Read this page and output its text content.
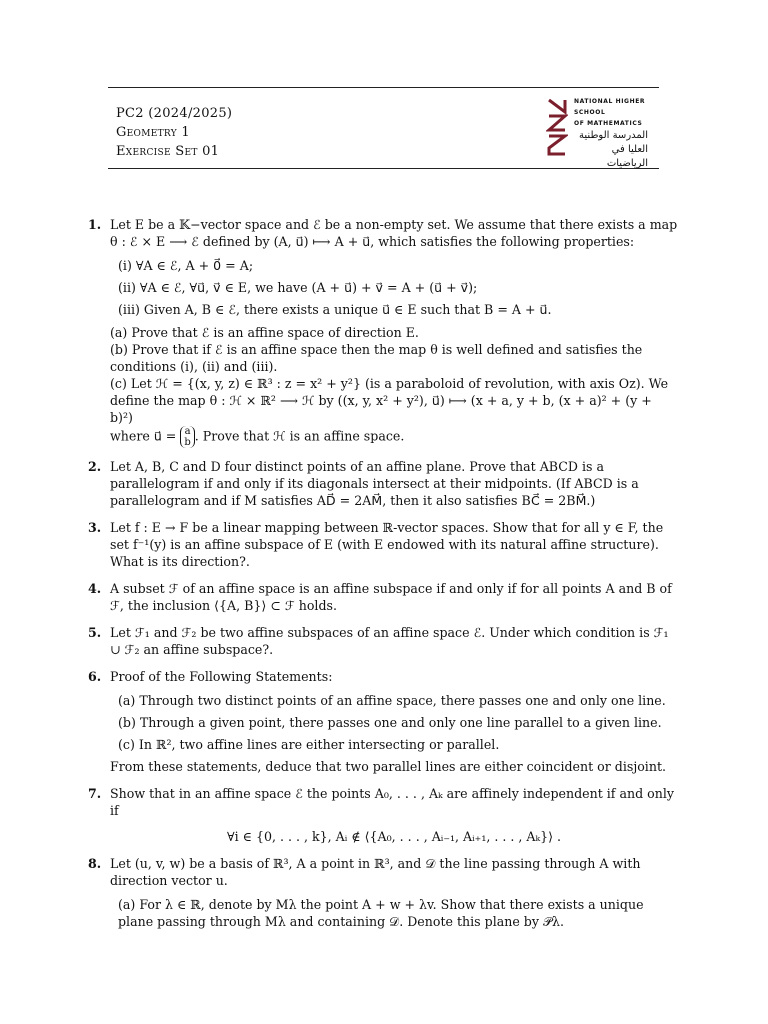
PC2 (2024/2025)
Geometry 1
Exercise Set 01
NATIONAL HIGHER SCHOOL
OF MATHEMATICS
المدرسة الوطنية
العليا في الرياضيات
1. Let E be a 𝕂−vector space and ℰ be a non-empty set. We assume that there exists a map θ : ℰ × E ⟶ ℰ defined by (A, u⃗) ⟼ A + u⃗, which satisfies the following properties:

(i) ∀A ∈ ℰ, A + 0⃗ = A;
(ii) ∀A ∈ ℰ, ∀u⃗, v⃗ ∈ E, we have (A + u⃗) + v⃗ = A + (u⃗ + v⃗);
(iii) Given A, B ∈ ℰ, there exists a unique u⃗ ∈ E such that B = A + u⃗.
(a) Prove that ℰ is an affine space of direction E.
(b) Prove that if ℰ is an affine space then the map θ is well defined and satisfies the conditions (i), (ii) and (iii).
(c) Let ℋ = {(x, y, z) ∈ ℝ³ : z = x² + y²} (is a paraboloid of revolution, with axis Oz). We define the map θ : ℋ × ℝ² ⟶ ℋ by ((x, y, x² + y²), u⃗) ⟼ (x + a, y + b, (x + a)² + (y + b)²)
where u⃗ = a
b . Prove that ℋ is an affine space.
2. Let A, B, C and D four distinct points of an affine plane. Prove that ABCD is a parallelogram if and only if its diagonals intersect at their midpoints. (If ABCD is a parallelogram and if M satisfies AD⃗ = 2AM⃗, then it also satisfies BC⃗ = 2BM⃗.)

3. Let f : E → F be a linear mapping between ℝ-vector spaces. Show that for all y ∈ F, the set f⁻¹(y) is an affine subspace of E (with E endowed with its natural affine structure). What is its direction?.

4. A subset ℱ of an affine space is an affine subspace if and only if for all points A and B of ℱ, the inclusion ⟨{A, B}⟩ ⊂ ℱ holds.

5. Let ℱ₁ and ℱ₂ be two affine subspaces of an affine space ℰ. Under which condition is ℱ₁ ∪ ℱ₂ an affine subspace?.

6. Proof of the Following Statements:

(a) Through two distinct points of an affine space, there passes one and only one line.
(b) Through a given point, there passes one and only one line parallel to a given line.
(c) In ℝ², two affine lines are either intersecting or parallel.

From these statements, deduce that two parallel lines are either coincident or disjoint.

7. Show that in an affine space ℰ the points A₀, . . . , Aₖ are affinely independent if and only if

∀i ∈ {0, . . . , k}, Aᵢ ∉ ⟨{A₀, . . . , Aᵢ₋₁, Aᵢ₊₁, . . . , Aₖ}⟩ .
8. Let (u, v, w) be a basis of ℝ³, A a point in ℝ³, and 𝒟 the line passing through A with direction vector u.

(a) For λ ∈ ℝ, denote by Mλ the point A + w + λv. Show that there exists a unique plane passing through Mλ and containing 𝒟. Denote this plane by 𝒫λ.
